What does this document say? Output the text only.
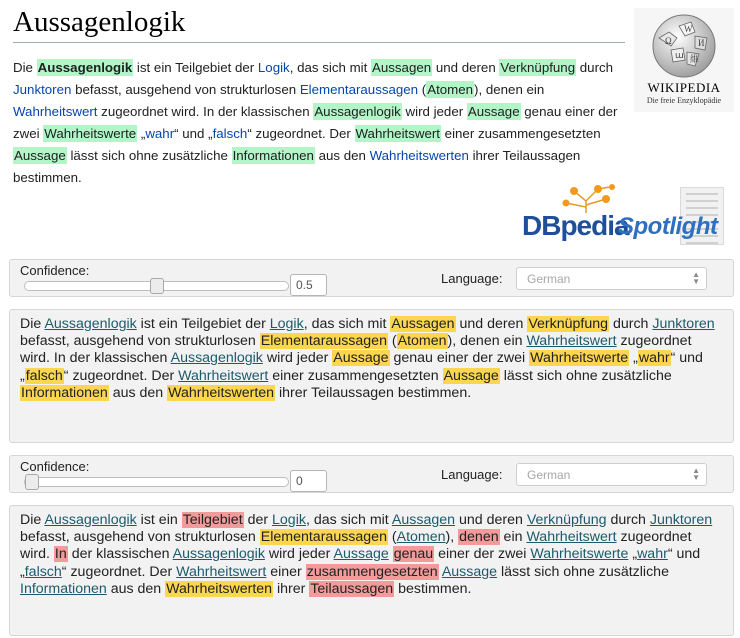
Aussagenlogik
Die Aussagenlogik ist ein Teilgebiet der Logik, das sich mit Aussagen und deren Verknüpfung durch Junktoren befasst, ausgehend von strukturlosen Elementaraussagen (Atomen), denen ein Wahrheitswert zugeordnet wird. In der klassischen Aussagenlogik wird jeder Aussage genau einer der zwei Wahrheitswerte „wahr“ und „falsch“ zugeordnet. Der Wahrheitswert einer zusammengesetzten Aussage lässt sich ohne zusätzliche Informationen aus den Wahrheitswerten ihrer Teilaussagen bestimmen.
Ω
W
И
ա 維
WIKIPEDIA
Die freie Enzyklopädie
DBpedia
Spotlight
Confidence:
0.5	Language:	German	▲
▼
Die Aussagenlogik ist ein Teilgebiet der Logik, das sich mit Aussagen und deren Verknüpfung durch Junktoren befasst, ausgehend von strukturlosen Elementaraussagen (Atomen), denen ein Wahrheitswert zugeordnet wird. In der klassischen Aussagenlogik wird jeder Aussage genau einer der zwei Wahrheitswerte „wahr“ und „falsch“ zugeordnet. Der Wahrheitswert einer zusammengesetzten Aussage lässt sich ohne zusätzliche Informationen aus den Wahrheitswerten ihrer Teilaussagen bestimmen.
Confidence:
0	Language:	German	▲
▼
Die Aussagenlogik ist ein Teilgebiet der Logik, das sich mit Aussagen und deren Verknüpfung durch Junktoren befasst, ausgehend von strukturlosen Elementaraussagen (Atomen), denen ein Wahrheitswert zugeordnet wird. In der klassischen Aussagenlogik wird jeder Aussage genau einer der zwei Wahrheitswerte „wahr“ und „falsch“ zugeordnet. Der Wahrheitswert einer zusammengesetzten Aussage lässt sich ohne zusätzliche Informationen aus den Wahrheitswerten ihrer Teilaussagen bestimmen.
